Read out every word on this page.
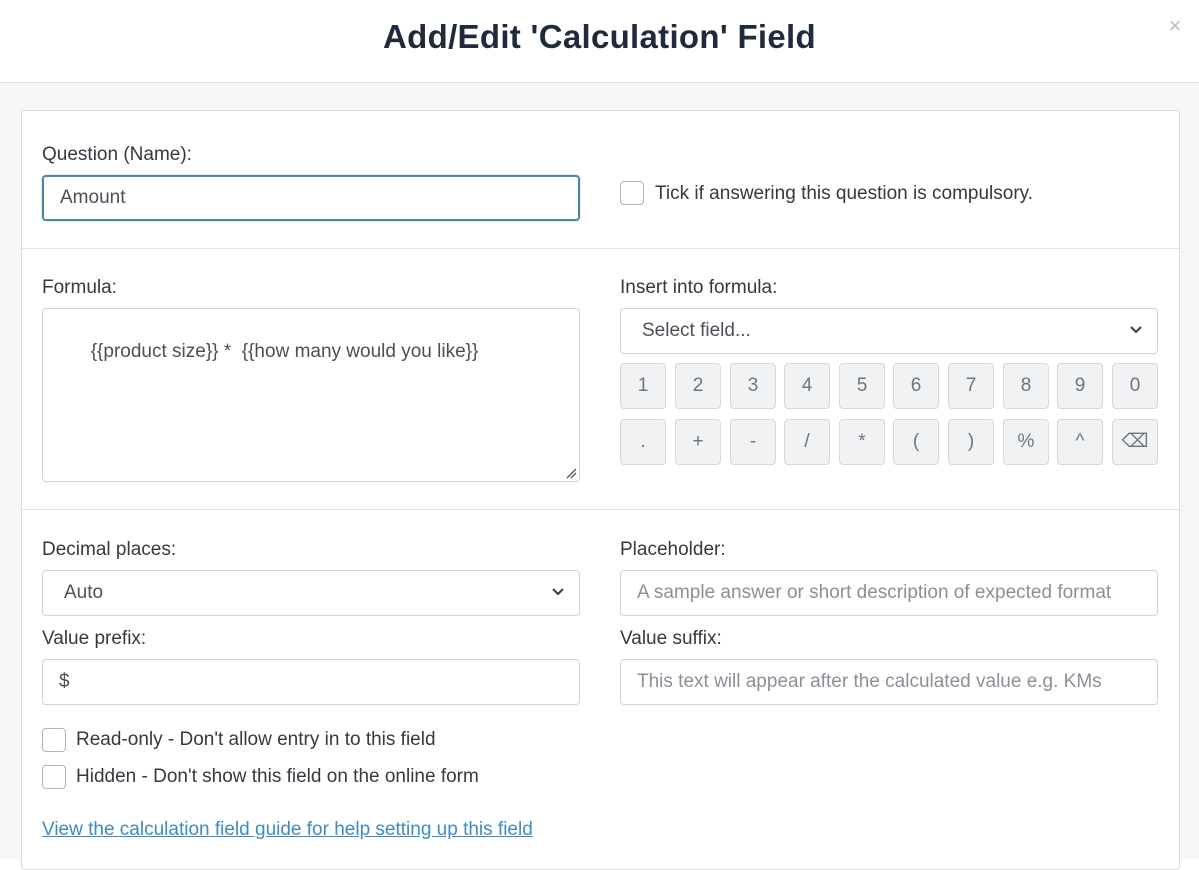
Add/Edit 'Calculation' Field	×
Question (Name):
Amount
Tick if answering this question is compulsory.
Formula:

{{product size}} *  {{how many would you like}}

Insert into formula:
Select field...
1	2	3	4	5	6	7	8	9	0
.	+	-	/	*	(	)	%	^	⌫
Decimal places:
Auto
Placeholder:
A sample answer or short description of expected format
Value prefix:
$	Value suffix:
This text will appear after the calculated value e.g. KMs
Read-only - Don't allow entry in to this field
Hidden - Don't show this field on the online form
View the calculation field guide for help setting up this field
